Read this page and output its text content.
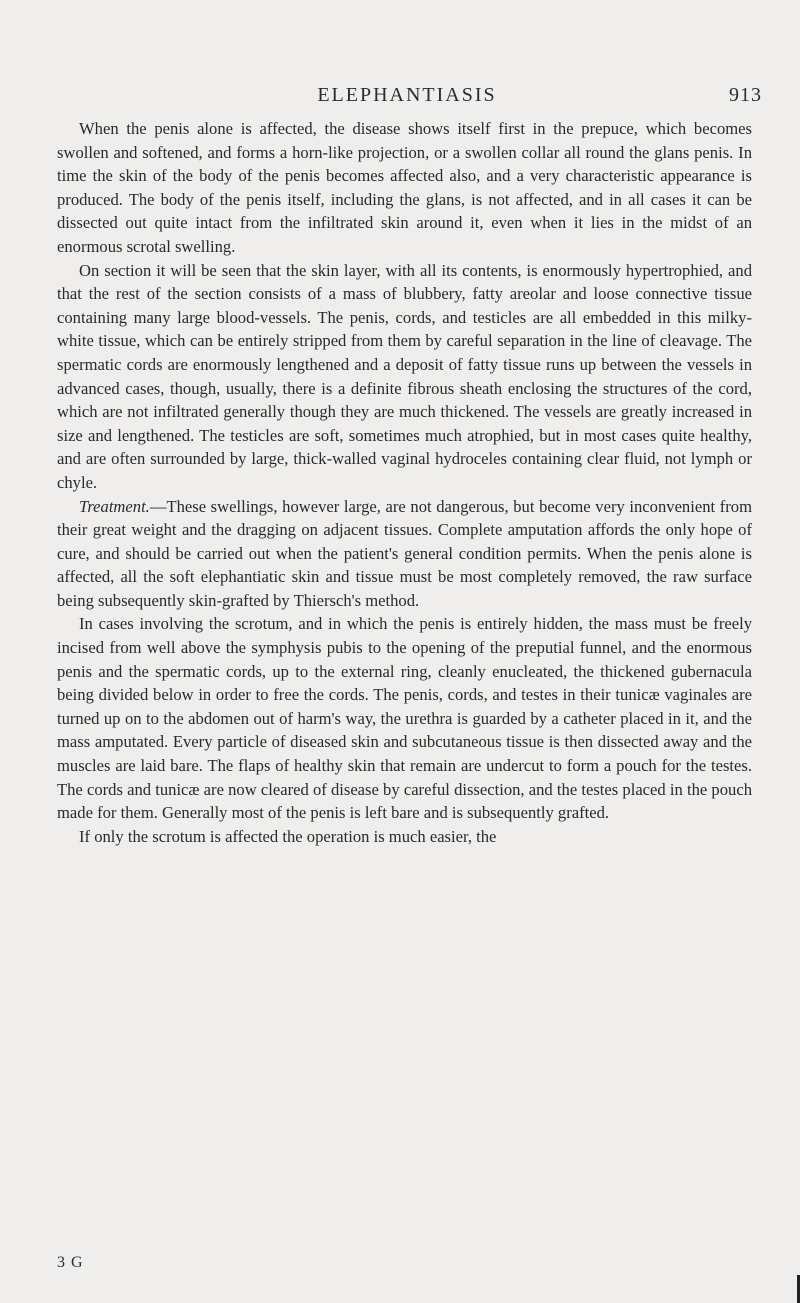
ELEPHANTIASIS	913

When the penis alone is affected, the disease shows itself first in the prepuce, which becomes swollen and softened, and forms a horn-like projection, or a swollen collar all round the glans penis. In time the skin of the body of the penis becomes affected also, and a very characteristic appearance is produced. The body of the penis itself, including the glans, is not affected, and in all cases it can be dissected out quite intact from the infiltrated skin around it, even when it lies in the midst of an enormous scrotal swelling.

On section it will be seen that the skin layer, with all its contents, is enormously hypertrophied, and that the rest of the section consists of a mass of blubbery, fatty areolar and loose connective tissue containing many large blood-vessels. The penis, cords, and testicles are all embedded in this milky-white tissue, which can be entirely stripped from them by careful separation in the line of cleavage. The spermatic cords are enormously lengthened and a deposit of fatty tissue runs up between the vessels in advanced cases, though, usually, there is a definite fibrous sheath enclosing the structures of the cord, which are not infiltrated generally though they are much thickened. The vessels are greatly increased in size and lengthened. The testicles are soft, sometimes much atrophied, but in most cases quite healthy, and are often surrounded by large, thick-walled vaginal hydroceles containing clear fluid, not lymph or chyle.

Treatment.—These swellings, however large, are not dangerous, but become very inconvenient from their great weight and the dragging on adjacent tissues. Complete amputation affords the only hope of cure, and should be carried out when the patient's general condition permits. When the penis alone is affected, all the soft elephantiatic skin and tissue must be most completely removed, the raw surface being subsequently skin-grafted by Thiersch's method.

In cases involving the scrotum, and in which the penis is entirely hidden, the mass must be freely incised from well above the symphysis pubis to the opening of the preputial funnel, and the enormous penis and the spermatic cords, up to the external ring, cleanly enucleated, the thickened gubernacula being divided below in order to free the cords. The penis, cords, and testes in their tunicæ vaginales are turned up on to the abdomen out of harm's way, the urethra is guarded by a catheter placed in it, and the mass amputated. Every particle of diseased skin and subcutaneous tissue is then dissected away and the muscles are laid bare. The flaps of healthy skin that remain are undercut to form a pouch for the testes. The cords and tunicæ are now cleared of disease by careful dissection, and the testes placed in the pouch made for them. Generally most of the penis is left bare and is subsequently grafted.

If only the scrotum is affected the operation is much easier, the

3 G
